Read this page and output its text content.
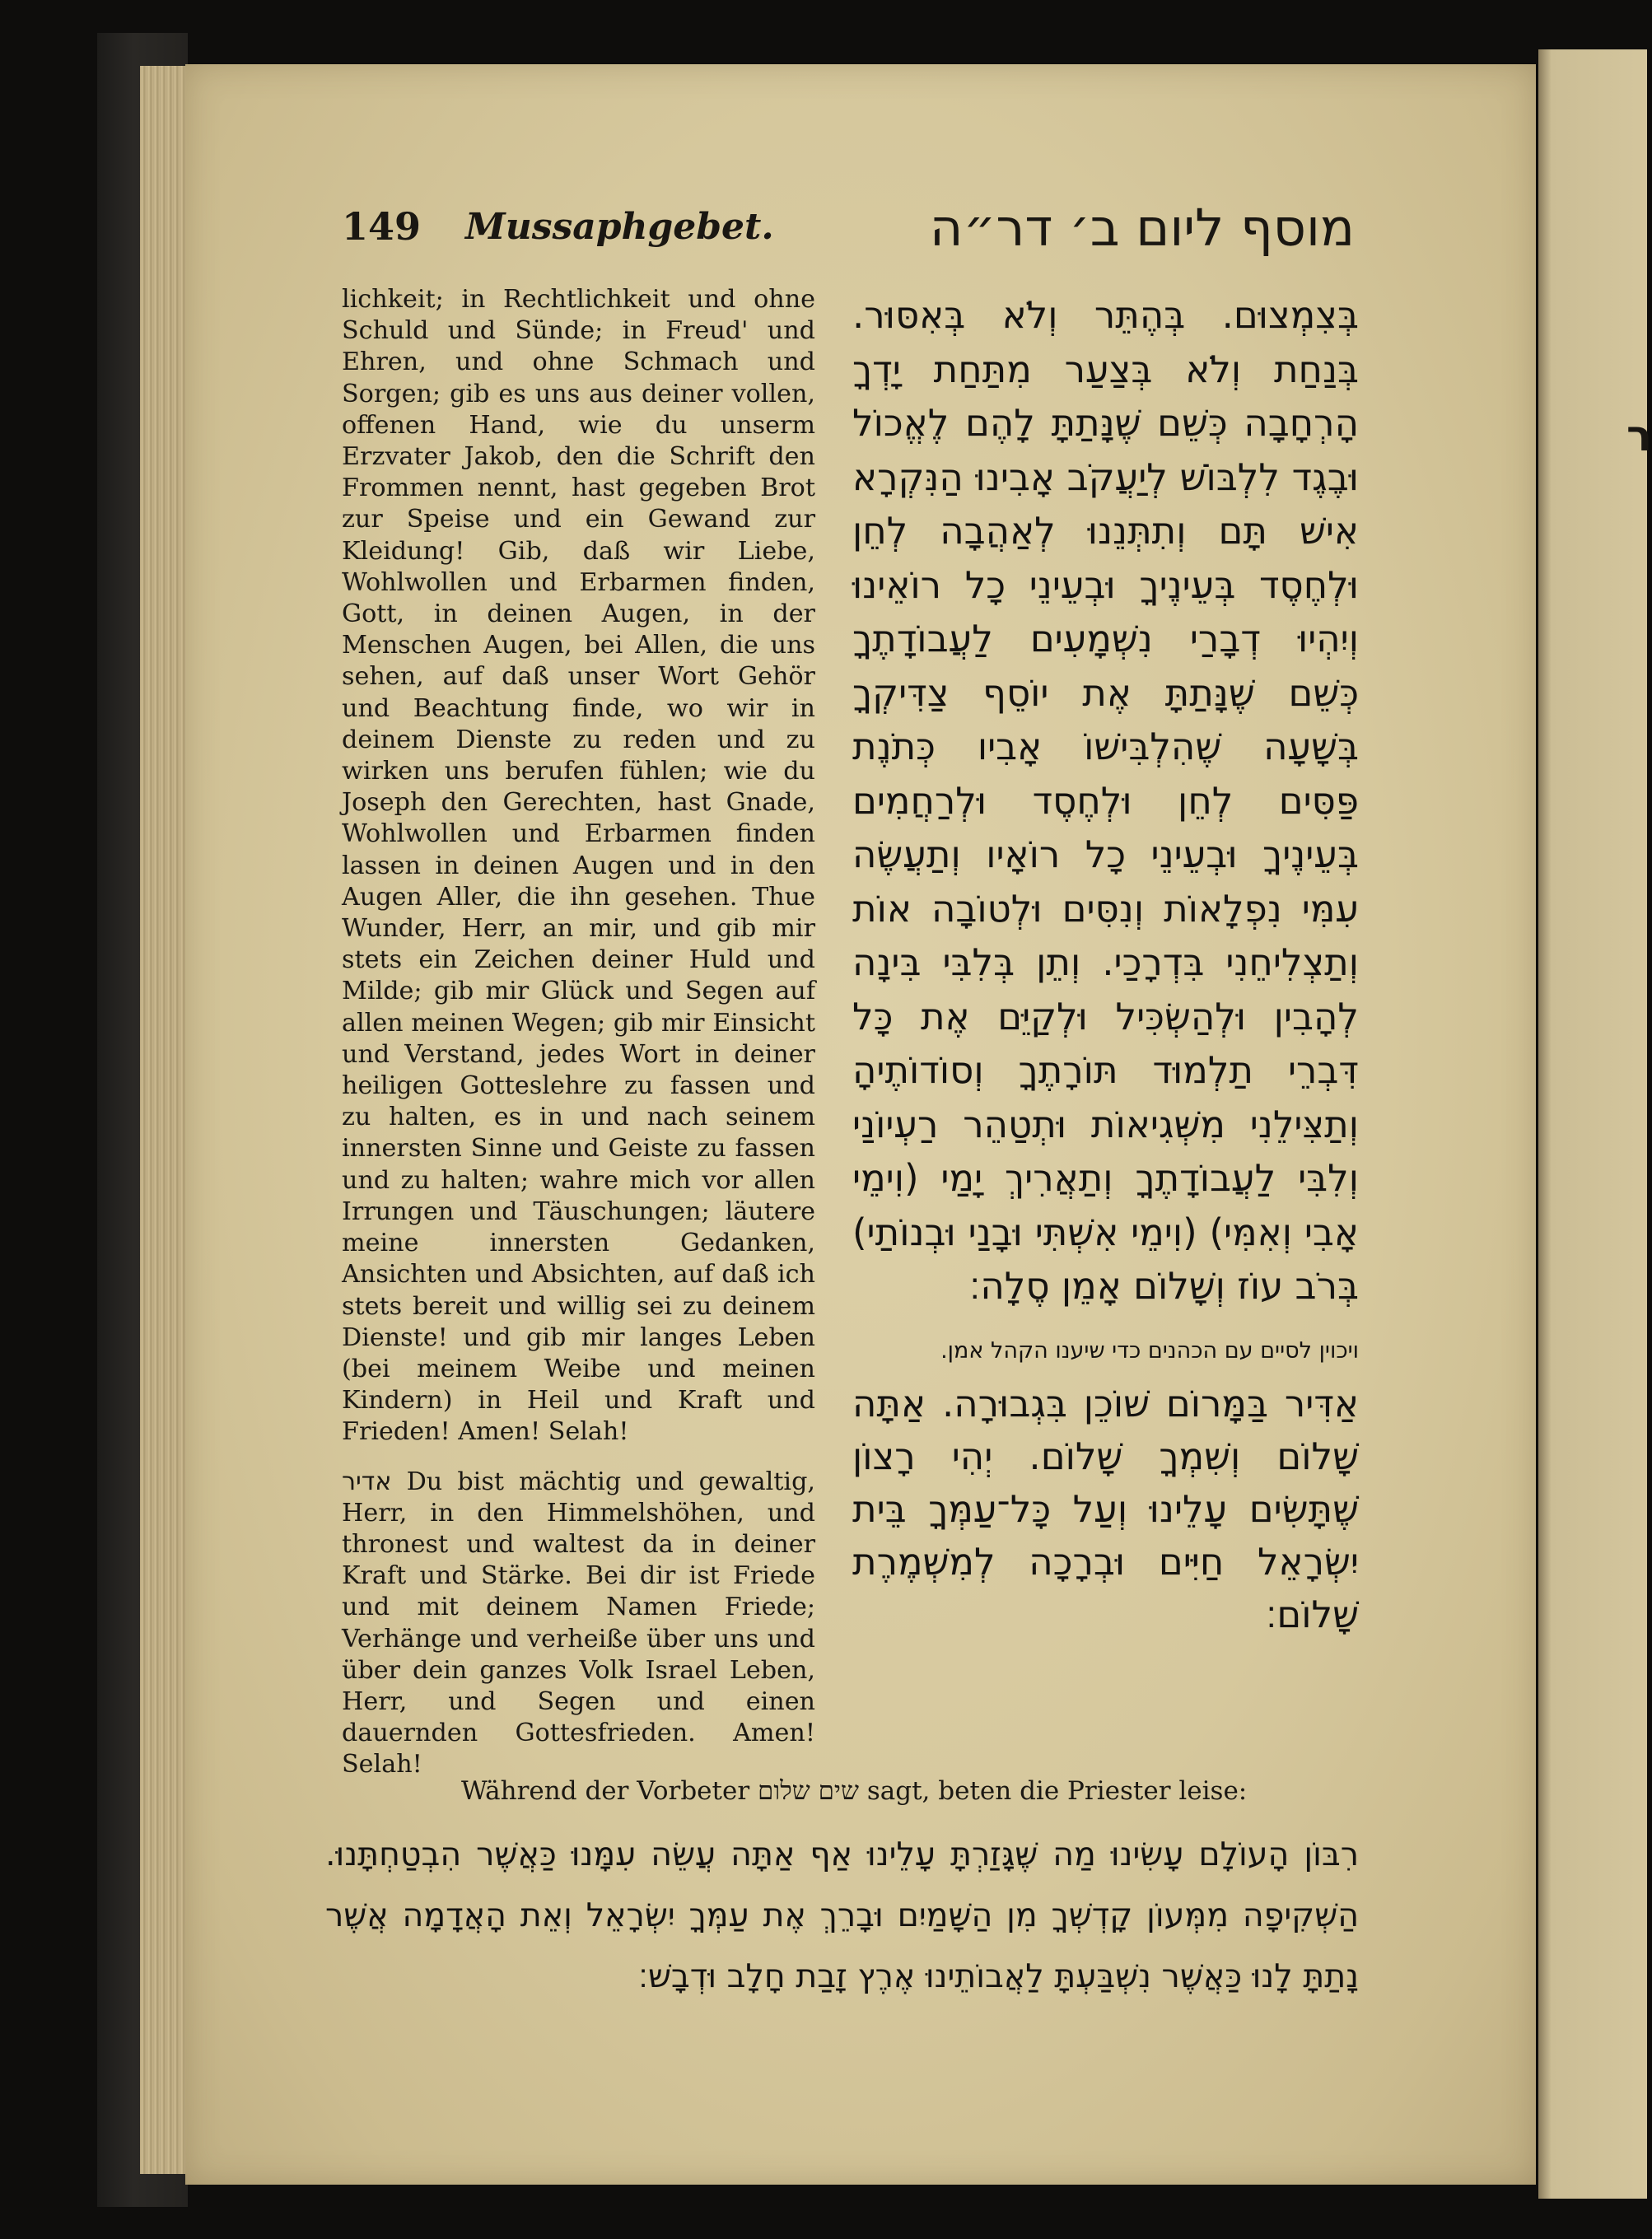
ר
149 Mussaphgebet.	מוסף ליום ב׳ דר״ה

lichkeit; in Rechtlichkeit und ohne Schuld und Sünde; in Freud' und Ehren, und ohne Schmach und Sorgen; gib es uns aus deiner vollen, offenen Hand, wie du unserm Erzvater Jakob, den die Schrift den Frommen nennt, hast gegeben Brot zur Speise und ein Gewand zur Kleidung! Gib, daß wir Liebe, Wohlwollen und Erbarmen finden, Gott, in deinen Augen, in der Menschen Augen, bei Allen, die uns sehen, auf daß unser Wort Gehör und Beachtung finde, wo wir in deinem Dienste zu reden und zu wirken uns berufen fühlen; wie du Joseph den Gerechten, hast Gnade, Wohlwollen und Erbarmen finden lassen in deinen Augen und in den Augen Aller, die ihn gesehen. Thue Wunder, Herr, an mir, und gib mir stets ein Zeichen deiner Huld und Milde; gib mir Glück und Segen auf allen meinen Wegen; gib mir Einsicht und Verstand, jedes Wort in deiner heiligen Gotteslehre zu fassen und zu halten, es in und nach seinem innersten Sinne und Geiste zu fassen und zu halten; wahre mich vor allen Irrungen und Täuschungen; läutere meine innersten Gedanken, Ansichten und Absichten, auf daß ich stets bereit und willig sei zu deinem Dienste! und gib mir langes Leben (bei meinem Weibe und meinen Kindern) in Heil und Kraft und Frieden! Amen! Selah!

אדיר Du bist mächtig und gewaltig, Herr, in den Himmelshöhen, und thronest und waltest da in deiner Kraft und Stärke. Bei dir ist Friede und mit deinem Namen Friede; Verhänge und verheiße über uns und über dein ganzes Volk Israel Leben, Herr, und Segen und einen dauernden Gottesfrieden. Amen! Selah!

בְּצִמְצוּם. בְּהֶתֵּר וְלֹא בְּאִסּוּר. בְּנַחַת וְלֹא בְּצַעַר מִתַּחַת יָדְךָ הָרְחָבָה כְּשֵׁם שֶׁנָּתַתָּ לָהֶם לֶאֱכוֹל וּבֶגֶד לִלְבּוֹשׁ לְיַעֲקֹב אָבִינוּ הַנִּקְרָא אִישׁ תָּם וְתִתְּנֵנוּ לְאַהֲבָה לְחֵן וּלְחֶסֶד בְּעֵינֶיךָ וּבְעֵינֵי כָל רוֹאֵינוּ וְיִהְיוּ דְבָרַי נִשְׁמָעִים לַעֲבוֹדָתֶךָ כְּשֵׁם שֶׁנָּתַתָּ אֶת יוֹסֵף צַדִּיקְךָ בְּשָׁעָה שֶׁהִלְבִּישׁוֹ אָבִיו כְּתֹנֶת פַּסִּים לְחֵן וּלְחֶסֶד וּלְרַחֲמִים בְּעֵינֶיךָ וּבְעֵינֵי כָל רוֹאָיו וְתַעֲשֶׂה עִמִּי נִפְלָאוֹת וְנִסִּים וּלְטוֹבָה אוֹת וְתַצְלִיחֵנִי בִּדְרָכַי. וְתֵן בְּלִבִּי בִּינָה לְהָבִין וּלְהַשְׂכִּיל וּלְקַיֵּם אֶת כָּל דִּבְרֵי תַלְמוּד תּוֹרָתֶךָ וְסוֹדוֹתֶיהָ וְתַצִּילֵנִי מִשְּׁגִיאוֹת וּתְטַהֵר רַעְיוֹנַי וְלִבִּי לַעֲבוֹדָתֶךָ וְתַאֲרִיךְ יָמַי (וִימֵי אָבִי וְאִמִּי) (וִימֵי אִשְׁתִּי וּבָנַי וּבְנוֹתַי) בְּרֹב עוֹז וְשָׁלוֹם אָמֵן סֶלָה׃

ויכוין לסיים עם הכהנים כדי שיענו הקהל אמן.

אַדִּיר בַּמָּרוֹם שׁוֹכֵן בִּגְבוּרָה. אַתָּה שָׁלוֹם וְשִׁמְךָ שָׁלוֹם. יְהִי רָצוֹן שֶׁתָּשִׂים עָלֵינוּ וְעַל כָּל־עַמְּךָ בֵּית יִשְׂרָאֵל חַיִּים וּבְרָכָה לְמִשְׁמֶרֶת שָׁלוֹם׃

Während der Vorbeter שים שלום sagt, beten die Priester leise:

רִבּוֹן הָעוֹלָם עָשִׂינוּ מַה שֶּׁגָּזַרְתָּ עָלֵינוּ אַף אַתָּה עֲשֵׂה עִמָּנוּ כַּאֲשֶׁר הִבְטַחְתָּנוּ. הַשְׁקִיפָה מִמְּעוֹן קָדְשְׁךָ מִן הַשָּׁמַיִם וּבָרֵךְ אֶת עַמְּךָ יִשְׂרָאֵל וְאֵת הָאֲדָמָה אֲשֶׁר נָתַתָּ לָנוּ כַּאֲשֶׁר נִשְׁבַּעְתָּ לַאֲבוֹתֵינוּ אֶרֶץ זָבַת חָלָב וּדְבָשׁ׃
